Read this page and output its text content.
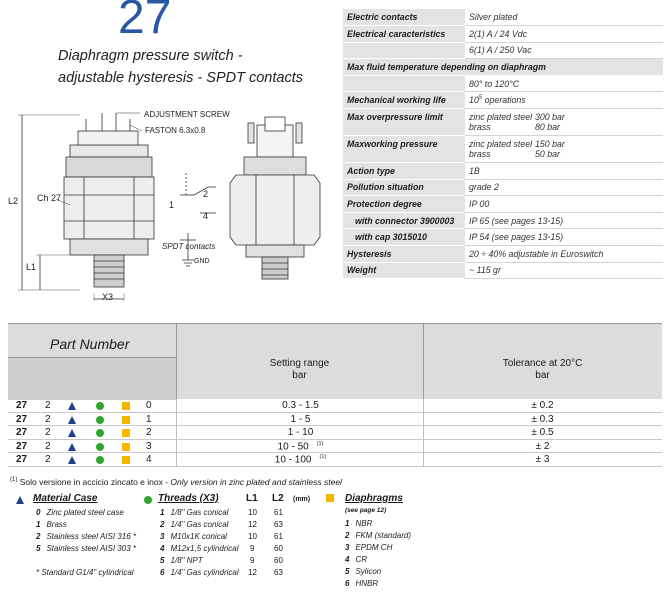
27
Diaphragm pressure switch -
adjustable hysteresis - SPDT contacts
ADJUSTMENT SCREW
FASTON 6.3x0.8
Ch 27
L2
L1
X3
1
2
4
SPDT contacts
GND
Electric contacts	Silver plated
Electrical caracteristics	2(1) A / 24 Vdc
	6(1) A / 250 Vac
Max fluid temperature depending on diaphragm	
	80° to 120°C
Mechanical working life	$10^5$ operations
Max overpressure limit	zinc plated steel 300 bar
brass 80 bar

Maxworking pressure	zinc plated steel 150 bar
brass 50 bar

Action type	1B
Pollution situation	grade 2
Protection degree	IP 00
with connector 3900003	IP 65 (see pages 13-15)
with cap 3015010	IP 54 (see pages 13-15)
Hysteresis	20 ÷ 40% adjustable in Euroswitch
Weight	~ 115 gr
Part Number
Setting range
bar
Tolerance at 20°C
bar
27 2	0	0.3 - 1.5	± 0.2
27 2	1	1 - 5	± 0.3
27 2	2	1 - 10	± 0.5
27 2	3	10 - 50 $^{(1)}$	± 2
27 2	4	10 - 100 $^{(1)}$	± 3
$^{(1)}$ Solo versione in accicio zincato e inox - Only version in zinc plated and stainless steel
Material Case
0 Zinc plated steel case
1 Brass
2 Stainless steel AISI 316 *
5 Stainless steel AISI 303 *
* Standard G1/4" cylindrical
Threads (X3)	L1 L2 (mm)
1 1/8" Gas conical 10 61
2 1/4" Gas conical 12 63
3 M10x1K conical	10 61
4 M12x1,5 cylindrical 9 60
5 1/8" NPT	9 60
6 1/4" Gas cylindrical 12 63
Diaphragms
(see page 12)
1 NBR
2 FKM (standard)
3 EPDM CH
4 CR
5 Sylicon
6 HNBR
